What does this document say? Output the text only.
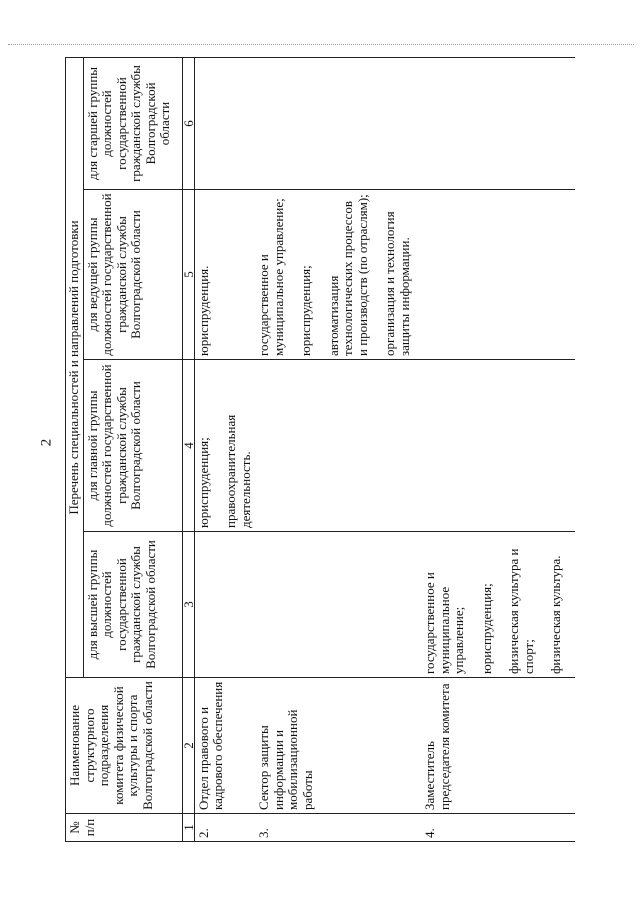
2
№ п/п	Наименование структурного подразделения комитета физической культуры и спорта Волгоградской области	Перечень специальностей и направлений подготовки			
		для высшей группы должностей государственной гражданской службы Волгоградской области	для главной группы должностей государственной гражданской службы Волгоградской области	для ведущей группы должностей государственной гражданской службы Волгоградской области	для старшей группы должностей государственной гражданской службы Волгоградской области
1	2	3	4	5	6
2.	Отдел правового и кадрового обеспечения		юриспруденция; правоохранительная деятельность.	юриспруденция.	

3.	Сектор защиты информации и мобилизационной работы			государственное и муниципальное управление; юриспруденция; автоматизация технологических процессов и производств (по отраслям); организация и технология защиты информации.	

4.	Заместитель председателя комитета	государственное и муниципальное управление; юриспруденция; физическая культура и спорт; физическая культура.			
